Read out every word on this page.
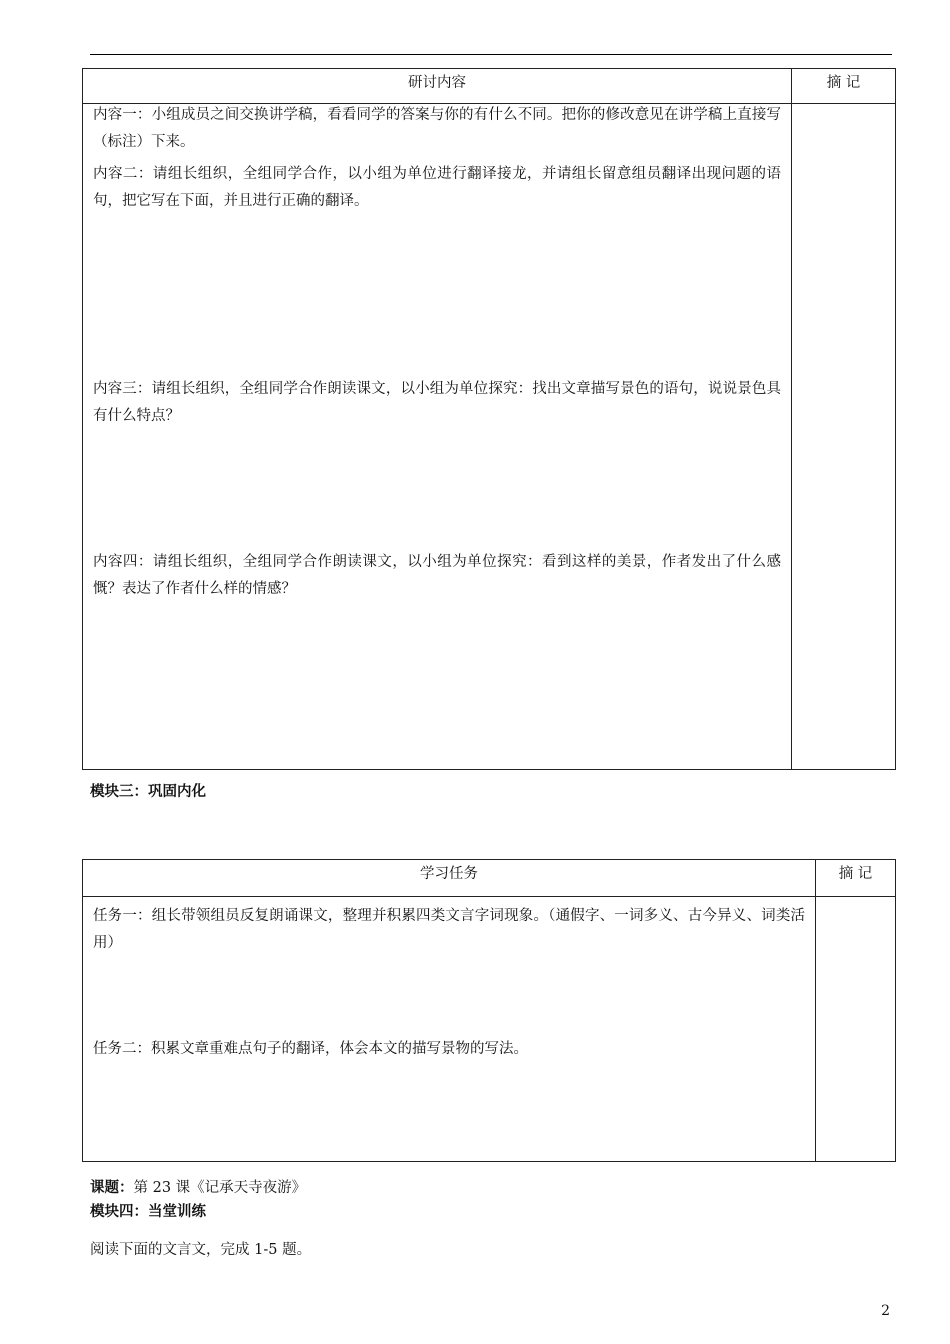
研讨内容	摘 记

内容一：小组成员之间交换讲学稿，看看同学的答案与你的有什么不同。把你的修改意见在讲学稿上直接写（标注）下来。
内容二：请组长组织，全组同学合作，以小组为单位进行翻译接龙，并请组长留意组员翻译出现问题的语句，把它写在下面，并且进行正确的翻译。
内容三：请组长组织，全组同学合作朗读课文，以小组为单位探究：找出文章描写景色的语句，说说景色具有什么特点？
内容四：请组长组织，全组同学合作朗读课文，以小组为单位探究：看到这样的美景，作者发出了什么感慨？表达了作者什么样的情感？	

模块三：巩固内化
学习任务	摘 记

任务一：组长带领组员反复朗诵课文，整理并积累四类文言字词现象。（通假字、一词多义、古今异义、词类活用）
任务二：积累文章重难点句子的翻译，体会本文的描写景物的写法。	

课题：第 23 课《记承天寺夜游》
模块四：当堂训练
阅读下面的文言文，完成 1-5 题。
2
